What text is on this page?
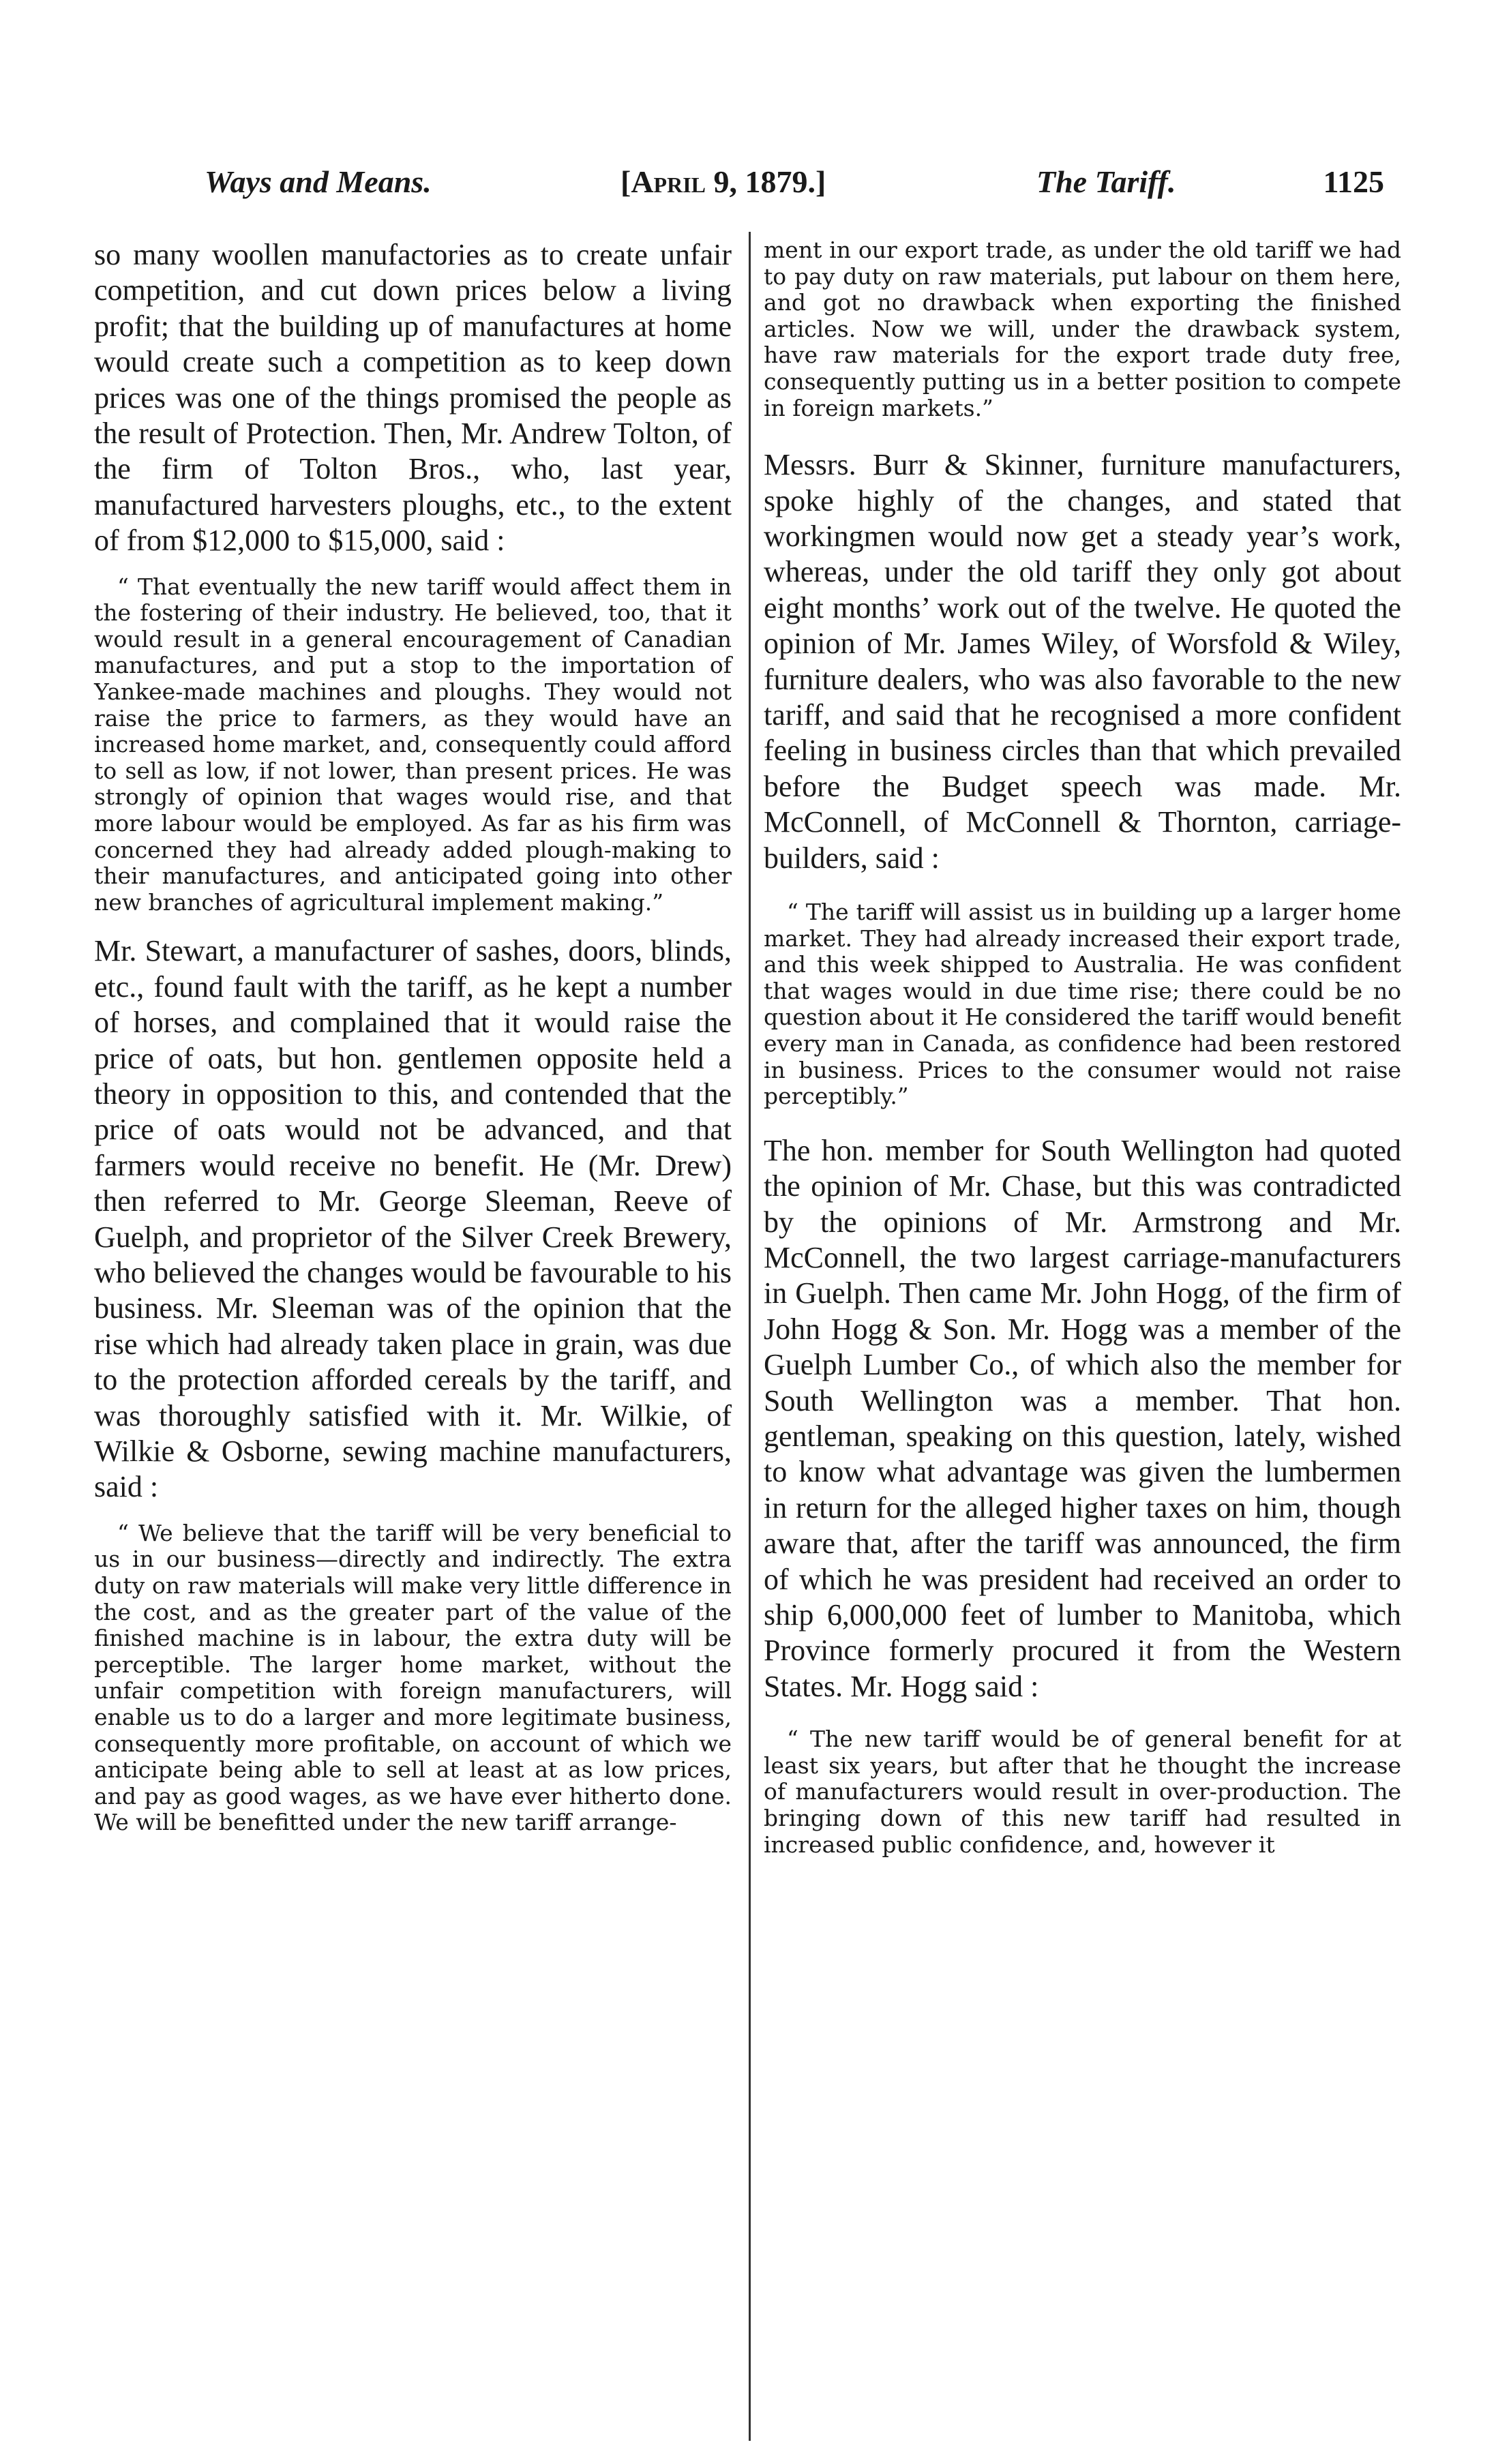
Ways and Means.	[April 9, 1879.]	The Tariff.	1125

so many woollen manufactories as to create unfair competition, and cut down prices below a living profit; that the building up of manufactures at home would create such a competition as to keep down prices was one of the things promised the people as the result of Protection. Then, Mr. Andrew Tolton, of the firm of Tolton Bros., who, last year, manufactured harvesters ploughs, etc., to the extent of from $12,000 to $15,000, said :

“ That eventually the new tariff would affect them in the fostering of their industry. He believed, too, that it would result in a general encouragement of Canadian manufactures, and put a stop to the importation of Yankee-made machines and ploughs. They would not raise the price to farmers, as they would have an increased home market, and, consequently could afford to sell as low, if not lower, than present prices. He was strongly of opinion that wages would rise, and that more labour would be employed. As far as his firm was concerned they had already added plough-making to their manufactures, and anticipated going into other new branches of agricultural implement making.”

Mr. Stewart, a manufacturer of sashes, doors, blinds, etc., found fault with the tariff, as he kept a number of horses, and complained that it would raise the price of oats, but hon. gentlemen opposite held a theory in opposition to this, and contended that the price of oats would not be advanced, and that farmers would receive no benefit. He (Mr. Drew) then referred to Mr. George Sleeman, Reeve of Guelph, and proprietor of the Silver Creek Brewery, who believed the changes would be favourable to his business. Mr. Sleeman was of the opinion that the rise which had already taken place in grain, was due to the protection afforded cereals by the tariff, and was thoroughly satisfied with it. Mr. Wilkie, of Wilkie & Osborne, sewing machine manufacturers, said :

“ We believe that the tariff will be very beneficial to us in our business—directly and indirectly. The extra duty on raw materials will make very little difference in the cost, and as the greater part of the value of the finished machine is in labour, the extra duty will be perceptible. The larger home market, without the unfair competition with foreign manufacturers, will enable us to do a larger and more legitimate business, consequently more profitable, on account of which we anticipate being able to sell at least at as low prices, and pay as good wages, as we have ever hitherto done. We will be benefitted under the new tariff arrange-

ment in our export trade, as under the old tariff we had to pay duty on raw materials, put labour on them here, and got no drawback when exporting the finished articles. Now we will, under the drawback system, have raw materials for the export trade duty free, consequently putting us in a better position to compete in foreign markets.”

Messrs. Burr & Skinner, furniture manufacturers, spoke highly of the changes, and stated that workingmen would now get a steady year’s work, whereas, under the old tariff they only got about eight months’ work out of the twelve. He quoted the opinion of Mr. James Wiley, of Worsfold & Wiley, furniture dealers, who was also favorable to the new tariff, and said that he recognised a more confident feeling in business circles than that which prevailed before the Budget speech was made. Mr. McConnell, of McConnell & Thornton, carriage-builders, said :

“ The tariff will assist us in building up a larger home market. They had already increased their export trade, and this week shipped to Australia. He was confident that wages would in due time rise; there could be no question about it He considered the tariff would benefit every man in Canada, as confidence had been restored in business. Prices to the consumer would not raise perceptibly.”

The hon. member for South Wellington had quoted the opinion of Mr. Chase, but this was contradicted by the opinions of Mr. Armstrong and Mr. McConnell, the two largest carriage-manufacturers in Guelph. Then came Mr. John Hogg, of the firm of John Hogg & Son. Mr. Hogg was a member of the Guelph Lumber Co., of which also the member for South Wellington was a member. That hon. gentleman, speaking on this question, lately, wished to know what advantage was given the lumbermen in return for the alleged higher taxes on him, though aware that, after the tariff was announced, the firm of which he was president had received an order to ship 6,000,000 feet of lumber to Manitoba, which Province formerly procured it from the Western States. Mr. Hogg said :

“ The new tariff would be of general benefit for at least six years, but after that he thought the increase of manufacturers would result in over-production. The bringing down of this new tariff had resulted in increased public confidence, and, however it
